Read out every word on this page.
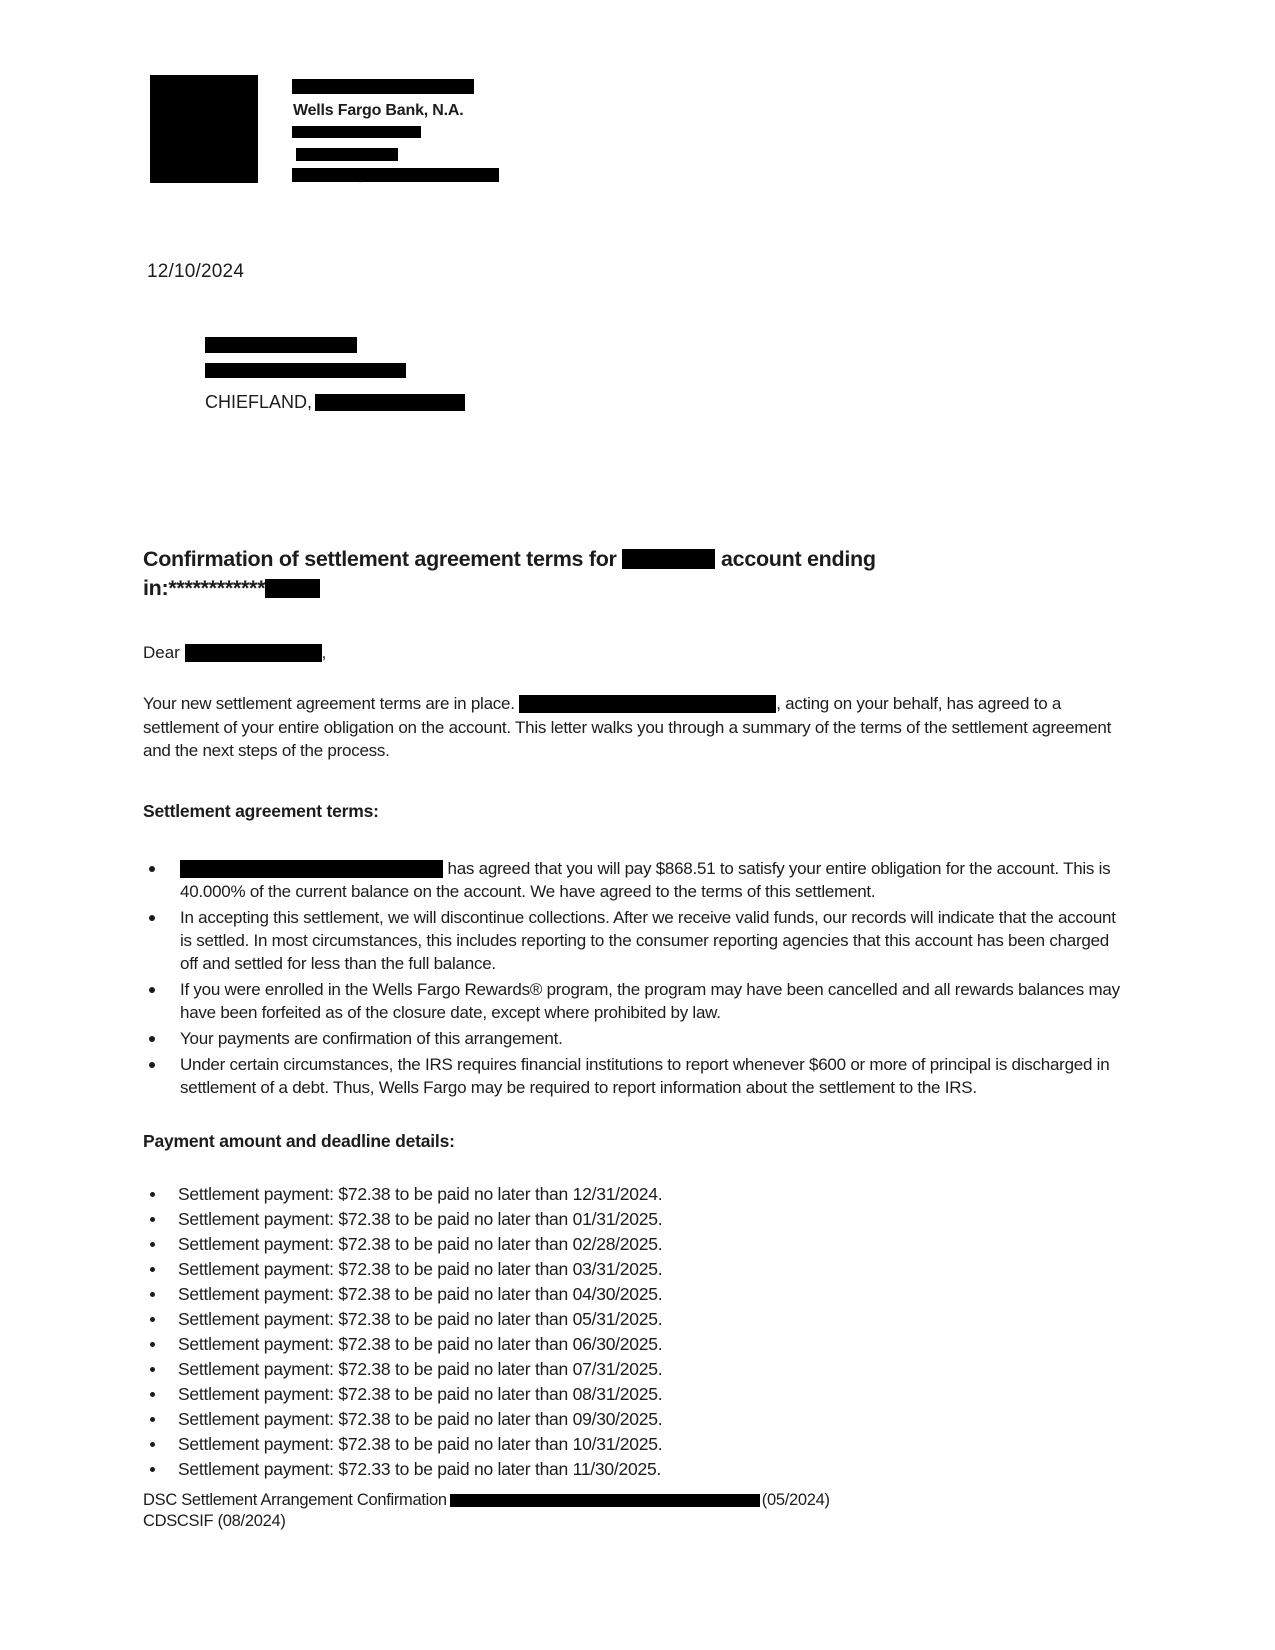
Wells Fargo Bank, N.A.
,
12/10/2024
CHIEFLAND,
Confirmation of settlement agreement terms for	account ending
in:************

Dear	,

Your new settlement agreement terms are in place.	, acting on your behalf, has agreed to a settlement of your entire obligation on the account. This letter walks you through a summary of the terms of the settlement agreement and the next steps of the process.

Settlement agreement terms:
has agreed that you will pay $868.51 to satisfy your entire obligation for the account. This is 40.000% of the current balance on the account. We have agreed to the terms of this settlement.
In accepting this settlement, we will discontinue collections. After we receive valid funds, our records will indicate that the account is settled. In most circumstances, this includes reporting to the consumer reporting agencies that this account has been charged off and settled for less than the full balance.
If you were enrolled in the Wells Fargo Rewards® program, the program may have been cancelled and all rewards balances may have been forfeited as of the closure date, except where prohibited by law.
Your payments are confirmation of this arrangement.
Under certain circumstances, the IRS requires financial institutions to report whenever $600 or more of principal is discharged in settlement of a debt. Thus, Wells Fargo may be required to report information about the settlement to the IRS.
Payment amount and deadline details:
Settlement payment: $72.38 to be paid no later than 12/31/2024.
Settlement payment: $72.38 to be paid no later than 01/31/2025.
Settlement payment: $72.38 to be paid no later than 02/28/2025.
Settlement payment: $72.38 to be paid no later than 03/31/2025.
Settlement payment: $72.38 to be paid no later than 04/30/2025.
Settlement payment: $72.38 to be paid no later than 05/31/2025.
Settlement payment: $72.38 to be paid no later than 06/30/2025.
Settlement payment: $72.38 to be paid no later than 07/31/2025.
Settlement payment: $72.38 to be paid no later than 08/31/2025.
Settlement payment: $72.38 to be paid no later than 09/30/2025.
Settlement payment: $72.38 to be paid no later than 10/31/2025.
Settlement payment: $72.33 to be paid no later than 11/30/2025.
DSC Settlement Arrangement Confirmation	(05/2024)
CDSCSIF (08/2024)
